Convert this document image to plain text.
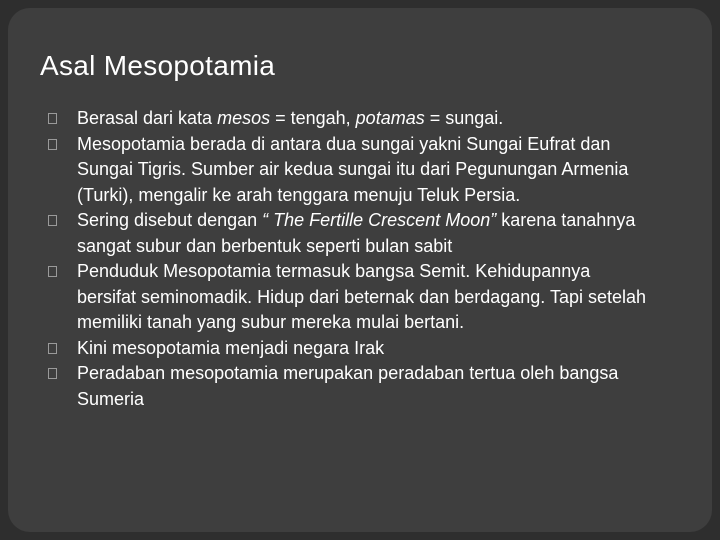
Asal Mesopotamia
Berasal dari kata mesos = tengah, potamas = sungai.
Mesopotamia berada di antara dua sungai yakni Sungai Eufrat dan Sungai Tigris. Sumber air kedua sungai itu dari Pegunungan Armenia (Turki), mengalir ke arah tenggara menuju Teluk Persia.
Sering disebut dengan “ The Fertille Crescent Moon” karena tanahnya sangat subur dan berbentuk seperti bulan sabit
Penduduk Mesopotamia termasuk bangsa Semit. Kehidupannya bersifat seminomadik. Hidup dari beternak dan berdagang. Tapi setelah memiliki tanah yang subur mereka mulai bertani.
Kini mesopotamia menjadi negara Irak
Peradaban mesopotamia merupakan peradaban tertua oleh bangsa Sumeria
